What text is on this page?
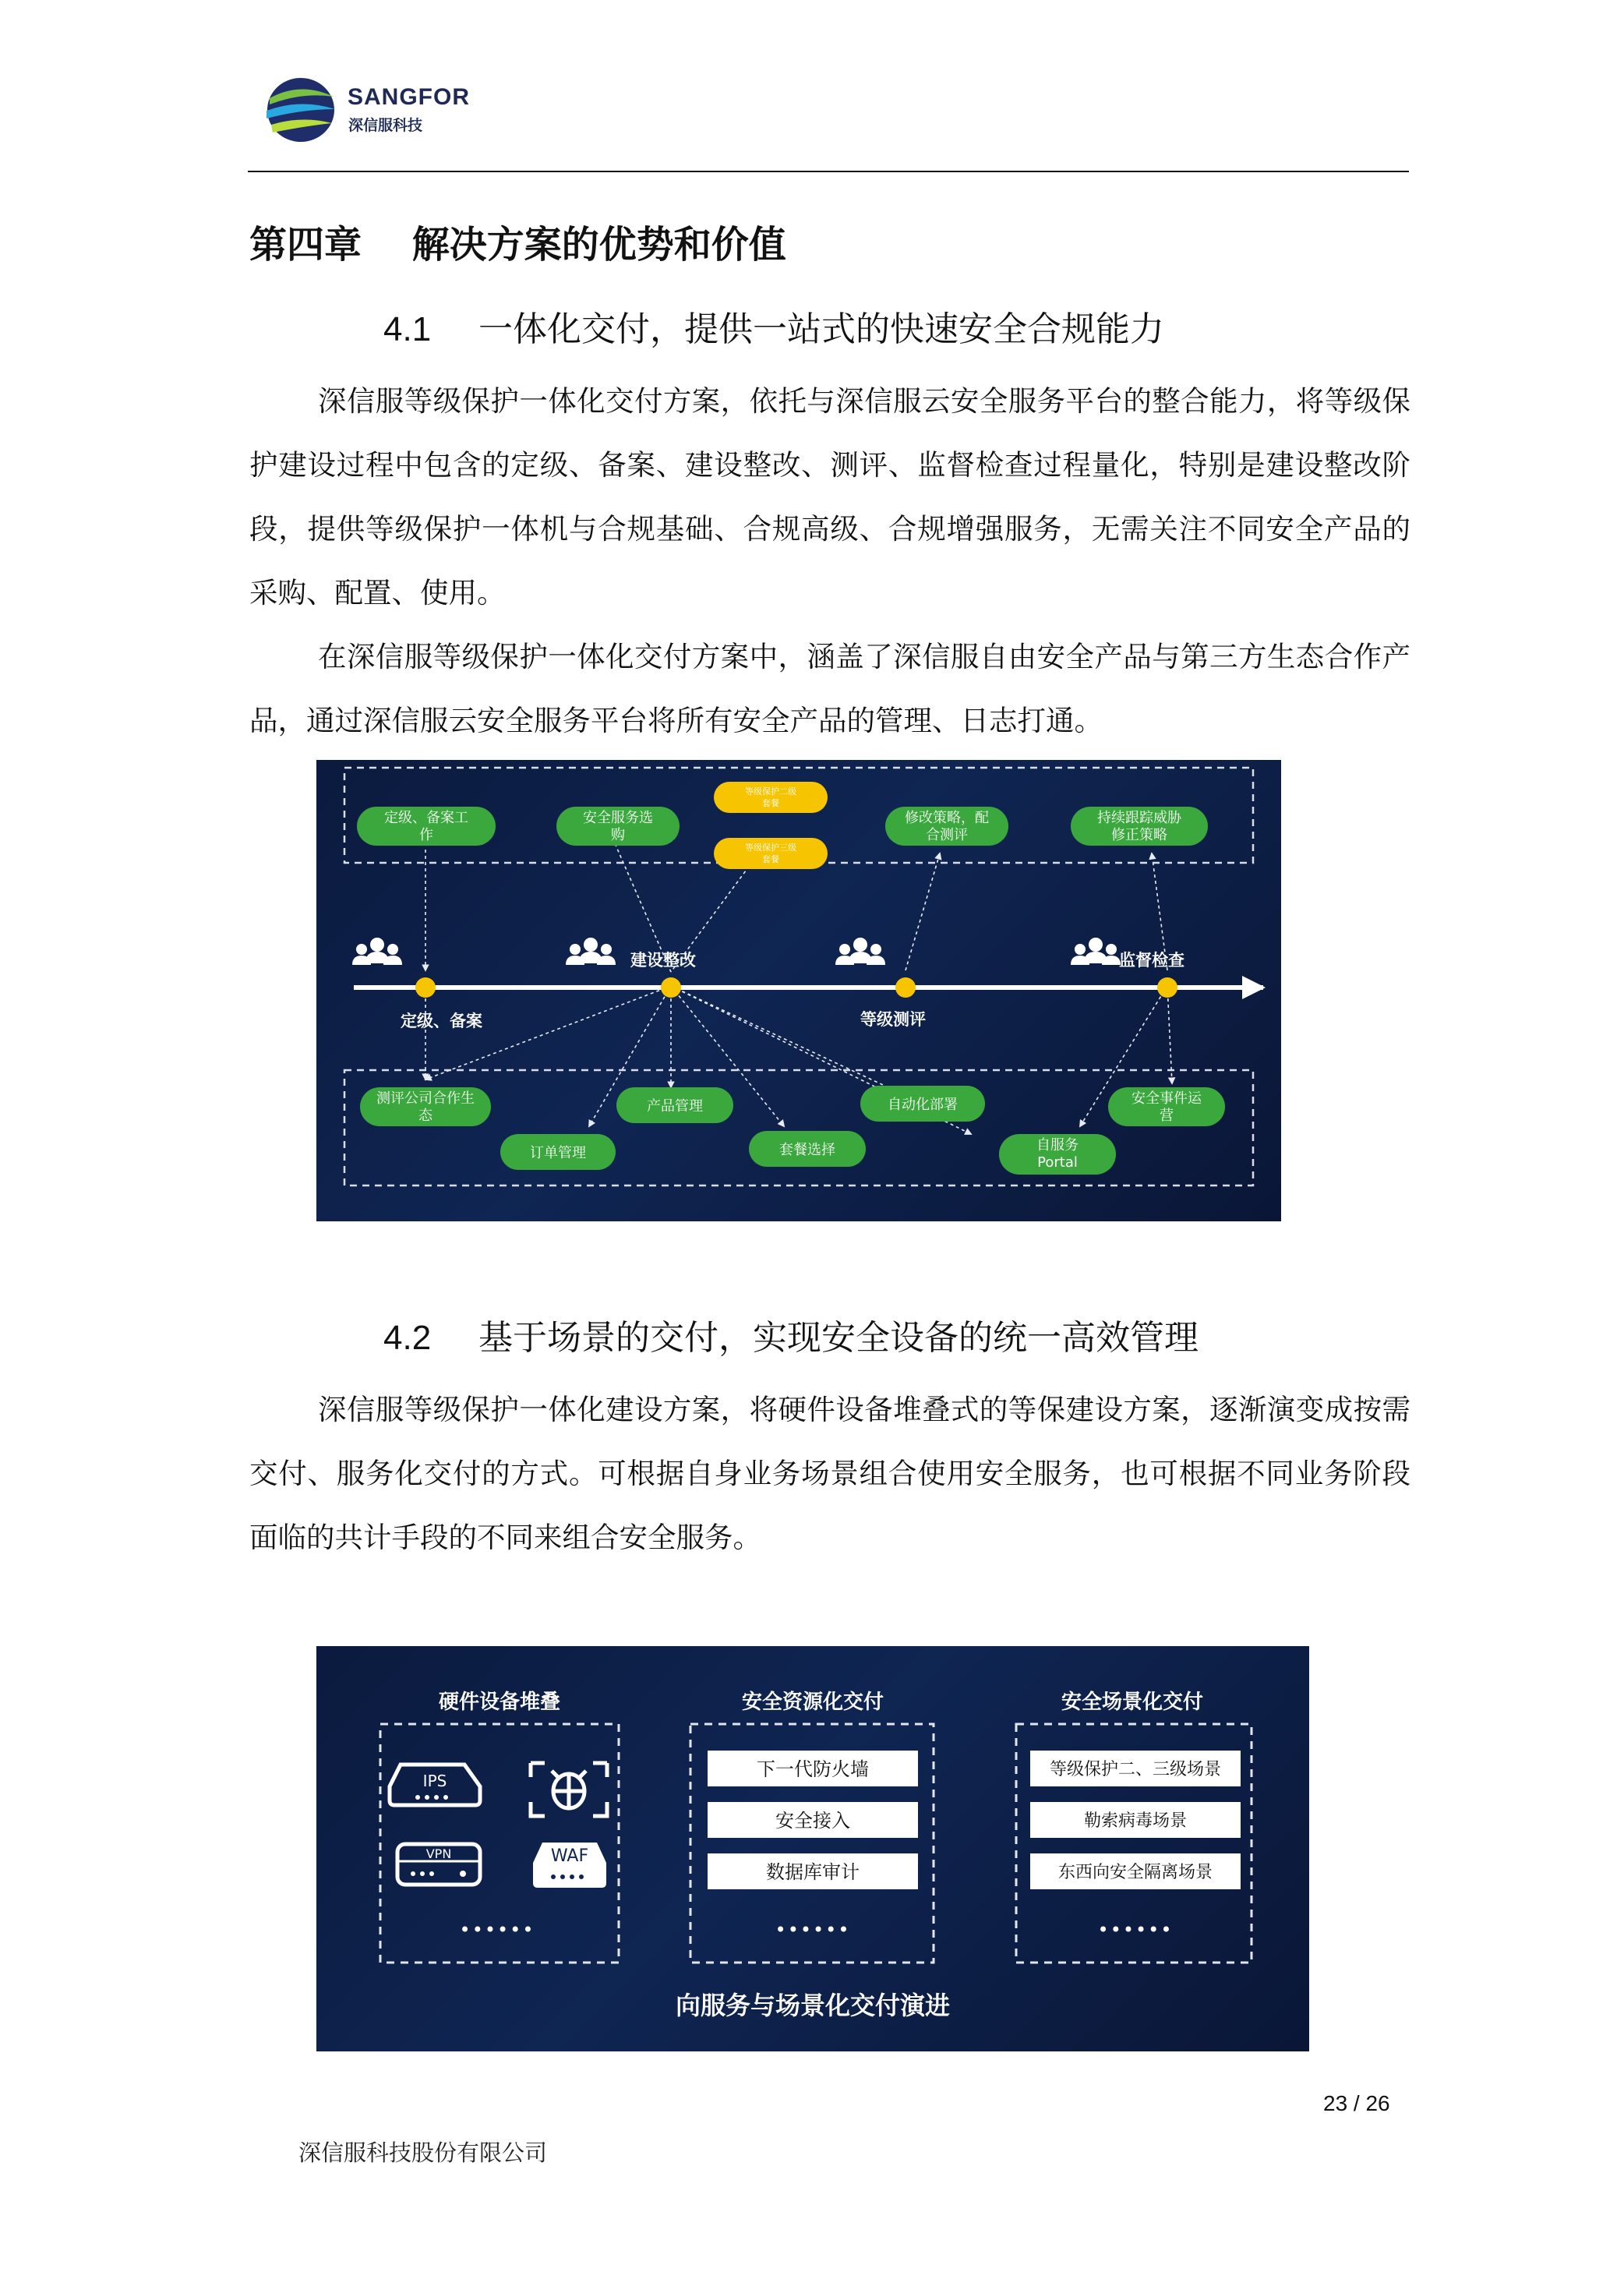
SANGFOR
深信服科技
第四章　 解决方案的优势和价值
4.1 一体化交付，提供一站式的快速安全合规能力
深信服等级保护一体化交付方案，依托与深信服云安全服务平台的整合能力，将等级保护建设过程中包含的定级、备案、建设整改、测评、监督检查过程量化，特别是建设整改阶段，提供等级保护一体机与合规基础、合规高级、合规增强服务，无需关注不同安全产品的采购、配置、使用。
在深信服等级保护一体化交付方案中，涵盖了深信服自由安全产品与第三方生态合作产品，通过深信服云安全服务平台将所有安全产品的管理、日志打通。
定级、备案
建设整改
等级测评
监督检查
定级、备案工
作
安全服务选
购
修改策略，配
合测评
持续跟踪威胁
修正策略
等级保护二级
套餐
等级保护三级
套餐
测评公司合作生
态
订单管理
产品管理
套餐选择
自动化部署
自服务
Portal
安全事件运
营
4.2 基于场景的交付，实现安全设备的统一高效管理
深信服等级保护一体化建设方案，将硬件设备堆叠式的等保建设方案，逐渐演变成按需交付、服务化交付的方式。可根据自身业务场景组合使用安全服务，也可根据不同业务阶段面临的共计手段的不同来组合安全服务。
硬件设备堆叠	安全资源化交付	安全场景化交付
IPS
VPN	WAF
••••••
下一代防火墙
安全接入
数据库审计
••••••
等级保护二、三级场景
勒索病毒场景
东西向安全隔离场景
••••••
向服务与场景化交付演进
23 / 26
深信服科技股份有限公司
